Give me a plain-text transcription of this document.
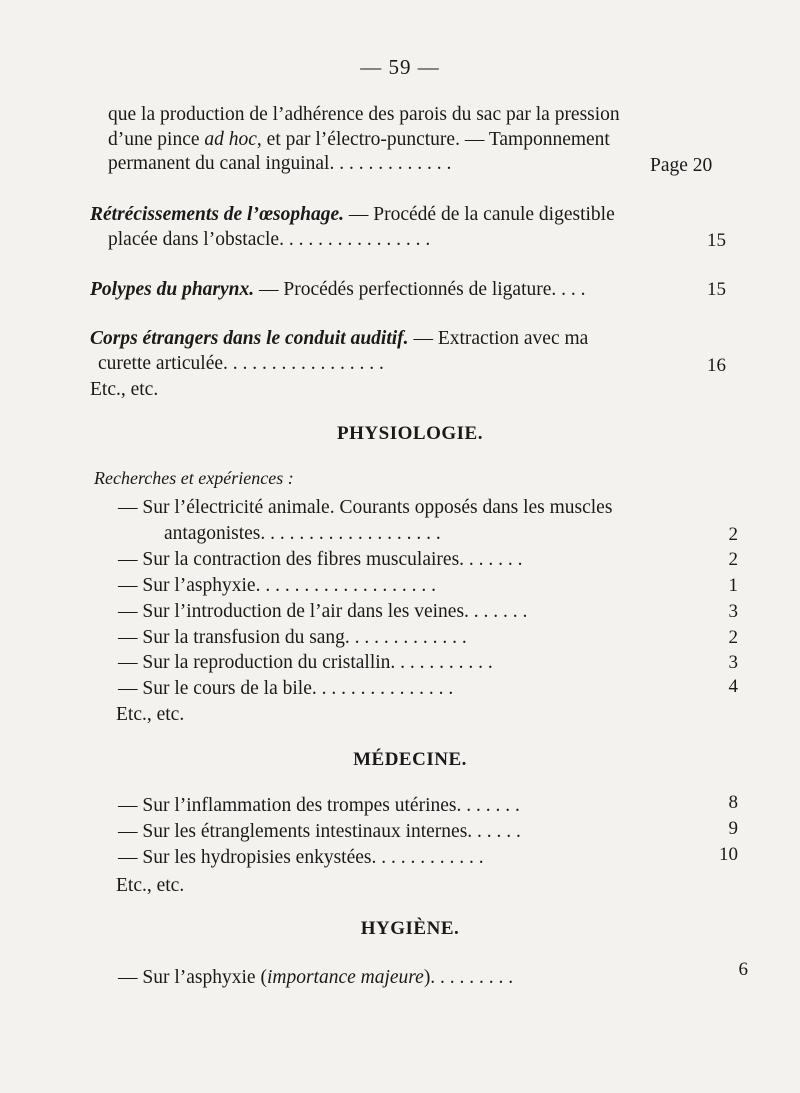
— 59 —
que la production de l’adhérence des parois du sac par la pression
d’une pince ad hoc, et par l’électro-puncture. — Tamponnement
permanent du canal inguinal. . . . . . . . . . . . .	Page 20
Rétrécissements de l’œsophage. — Procédé de la canule digestible
placée dans l’obstacle. . . . . . . . . . . . . . . .	15
Polypes du pharynx. — Procédés perfectionnés de ligature. . . .	15
Corps étrangers dans le conduit auditif. — Extraction avec ma
curette articulée. . . . . . . . . . . . . . . . .	16
Etc., etc.
PHYSIOLOGIE.
Recherches et expériences :
— Sur l’électricité animale. Courants opposés dans les muscles
antagonistes. . . . . . . . . . . . . . . . . . .	2
— Sur la contraction des fibres musculaires. . . . . . .	2
— Sur l’asphyxie. . . . . . . . . . . . . . . . . . .	1
— Sur l’introduction de l’air dans les veines. . . . . . .	3
— Sur la transfusion du sang. . . . . . . . . . . . .	2
— Sur la reproduction du cristallin. . . . . . . . . . .	3
— Sur le cours de la bile. . . . . . . . . . . . . . .	4
Etc., etc.
MÉDECINE.
— Sur l’inflammation des trompes utérines. . . . . . .	8
— Sur les étranglements intestinaux internes. . . . . .	9
— Sur les hydropisies enkystées. . . . . . . . . . . .	10
Etc., etc.
HYGIÈNE.
— Sur l’asphyxie (importance majeure). . . . . . . . .	6
